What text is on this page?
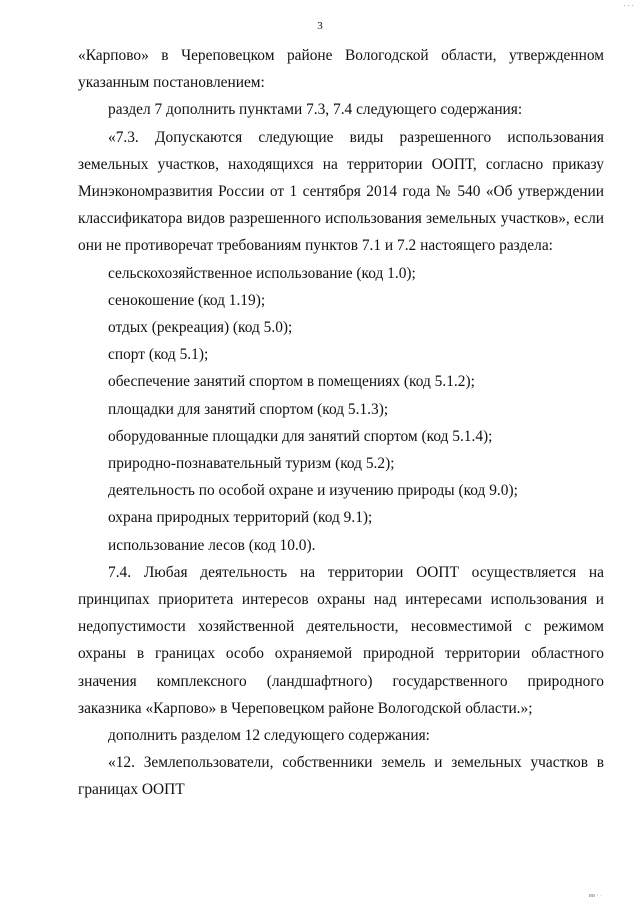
· · ·
3

«Карпово» в Череповецком районе Вологодской области, утвержденном указанным постановлением:

раздел 7 дополнить пунктами 7.3, 7.4 следующего содержания:

«7.3. Допускаются следующие виды разрешенного использования земельных участков, находящихся на территории ООПТ, согласно приказу Минэкономразвития России от 1 сентября 2014 года № 540 «Об утверждении классификатора видов разрешенного использования земельных участков», если они не противоречат требованиям пунктов 7.1 и 7.2 настоящего раздела:

сельскохозяйственное использование (код 1.0);

сенокошение (код 1.19);

отдых (рекреация) (код 5.0);

спорт (код 5.1);

обеспечение занятий спортом в помещениях (код 5.1.2);

площадки для занятий спортом (код 5.1.3);

оборудованные площадки для занятий спортом (код 5.1.4);

природно-познавательный туризм (код 5.2);

деятельность по особой охране и изучению природы (код 9.0);

охрана природных территорий (код 9.1);

использование лесов (код 10.0).

7.4. Любая деятельность на территории ООПТ осуществляется на принципах приоритета интересов охраны над интересами использования и недопустимости хозяйственной деятельности, несовместимой с режимом охраны в границах особо охраняемой природной территории областного значения комплексного (ландшафтного) государственного природного заказника «Карпово» в Череповецком районе Вологодской области.»;

дополнить разделом 12 следующего содержания:

«12. Землепользователи, собственники земель и земельных участков в границах ООПТ

ии · ·
